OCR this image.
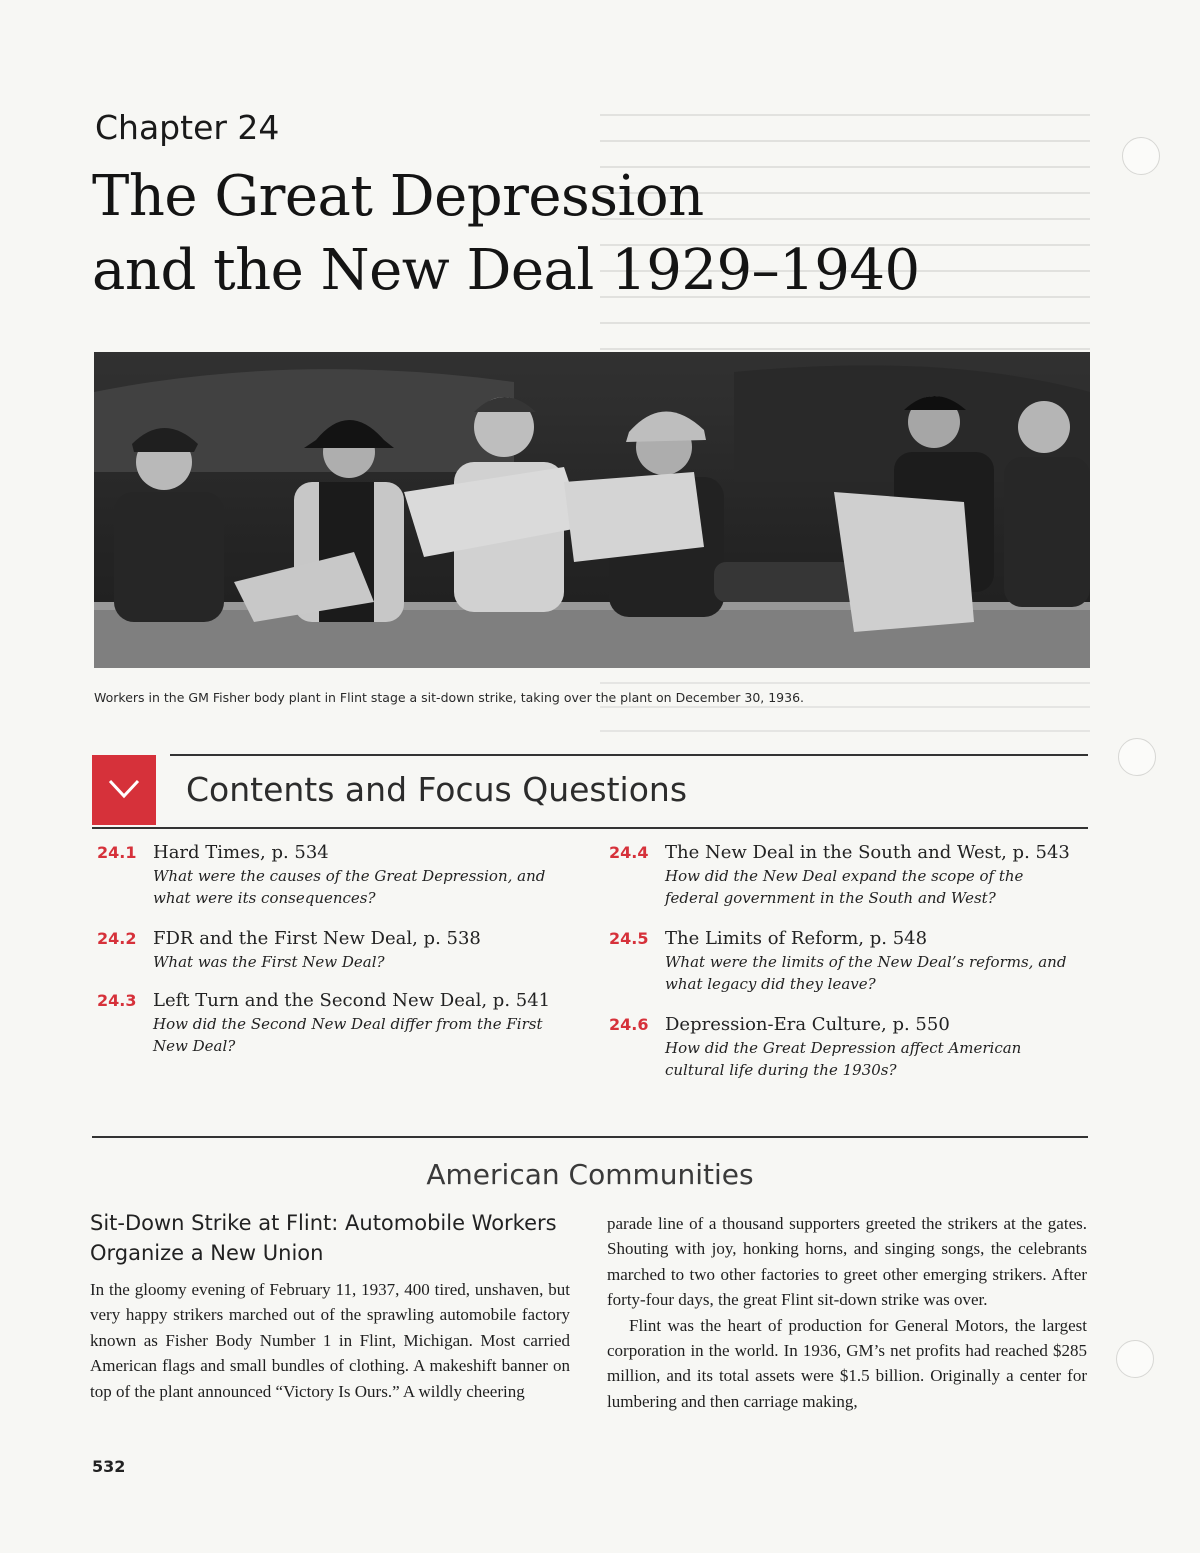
Chapter 24
The Great Depression
and the New Deal 1929–1940
Workers in the GM Fisher body plant in Flint stage a sit-down strike, taking over the plant on December 30, 1936.
Contents and Focus Questions
24.1 Hard Times, p. 534
What were the causes of the Great Depression, and what were its consequences?
24.2 FDR and the First New Deal, p. 538
What was the First New Deal?
24.3 Left Turn and the Second New Deal, p. 541
How did the Second New Deal differ from the First New Deal?
24.4 The New Deal in the South and West, p. 543
How did the New Deal expand the scope of the federal government in the South and West?
24.5 The Limits of Reform, p. 548
What were the limits of the New Deal’s reforms, and what legacy did they leave?
24.6 Depression-Era Culture, p. 550
How did the Great Depression affect American cultural life during the 1930s?
American Communities
Sit-Down Strike at Flint: Automobile Workers Organize a New Union

In the gloomy evening of February 11, 1937, 400 tired, unshaven, but very happy strikers marched out of the sprawling automobile factory known as Fisher Body Number 1 in Flint, Michigan. Most carried American flags and small bundles of clothing. A makeshift banner on top of the plant announced “Victory Is Ours.” A wildly cheering

parade line of a thousand supporters greeted the strikers at the gates. Shouting with joy, honking horns, and singing songs, the celebrants marched to two other factories to greet other emerging strikers. After forty-four days, the great Flint sit-down strike was over.

Flint was the heart of production for General Motors, the largest corporation in the world. In 1936, GM’s net profits had reached $285 million, and its total assets were $1.5 billion. Originally a center for lumbering and then carriage making,

532
